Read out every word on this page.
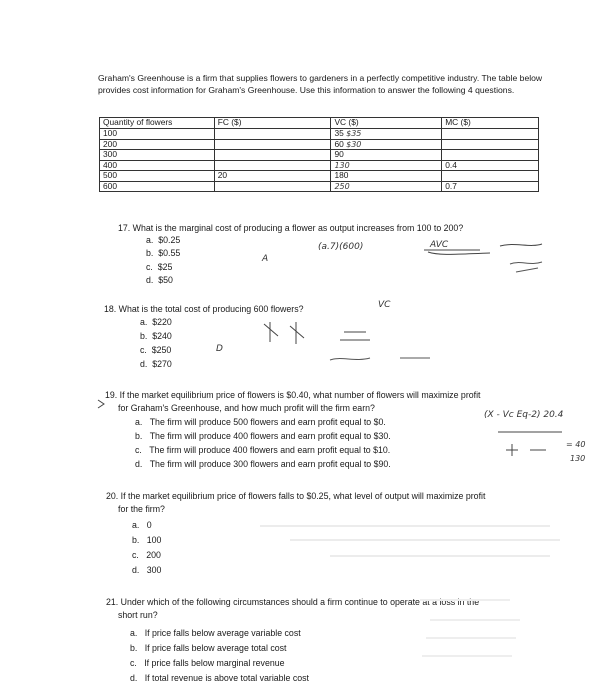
Graham's Greenhouse is a firm that supplies flowers to gardeners in a perfectly competitive industry. The table below provides cost information for Graham's Greenhouse. Use this information to answer the following 4 questions.
Quantity of flowers	FC ($)	VC ($)	MC ($)
100		35 $35	
200		60 $30	
300		90	
400		130	0.4
500	20	180	
600		250	0.7
17. What is the marginal cost of producing a flower as output increases from 100 to 200?
a. $0.25
b. $0.55
c. $25
d. $50
A
(a.7)(600)	AVC
18. What is the total cost of producing 600 flowers?
a. $220
b. $240
c. $250
d. $270
VC
D
19. If the market equilibrium price of flowers is $0.40, what number of flowers will maximize profit
for Graham's Greenhouse, and how much profit will the firm earn?
a. The firm will produce 500 flowers and earn profit equal to $0.
b. The firm will produce 400 flowers and earn profit equal to $30.
c. The firm will produce 400 flowers and earn profit equal to $10.
d. The firm will produce 300 flowers and earn profit equal to $90.
(X - Vc Eq-2) 20.4
= 40
130
20. If the market equilibrium price of flowers falls to $0.25, what level of output will maximize profit
for the firm?
a. 0
b. 100
c. 200
d. 300
21. Under which of the following circumstances should a firm continue to operate at a loss in the
short run?
a. If price falls below average variable cost
b. If price falls below average total cost
c. If price falls below marginal revenue
d. If total revenue is above total variable cost
